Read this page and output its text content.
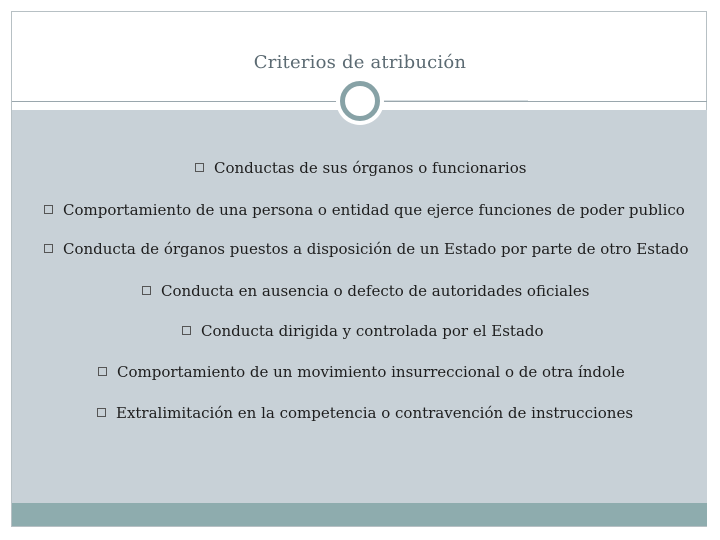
Criterios de atribución
Conductas de sus órganos o funcionarios
Comportamiento de una persona o entidad que ejerce funciones de poder publico
Conducta de órganos puestos a disposición de un Estado por parte de otro Estado
Conducta en ausencia o defecto de autoridades oficiales
Conducta dirigida y controlada por el Estado
Comportamiento de un movimiento insurreccional o de otra índole
Extralimitación en la competencia o contravención de instrucciones
